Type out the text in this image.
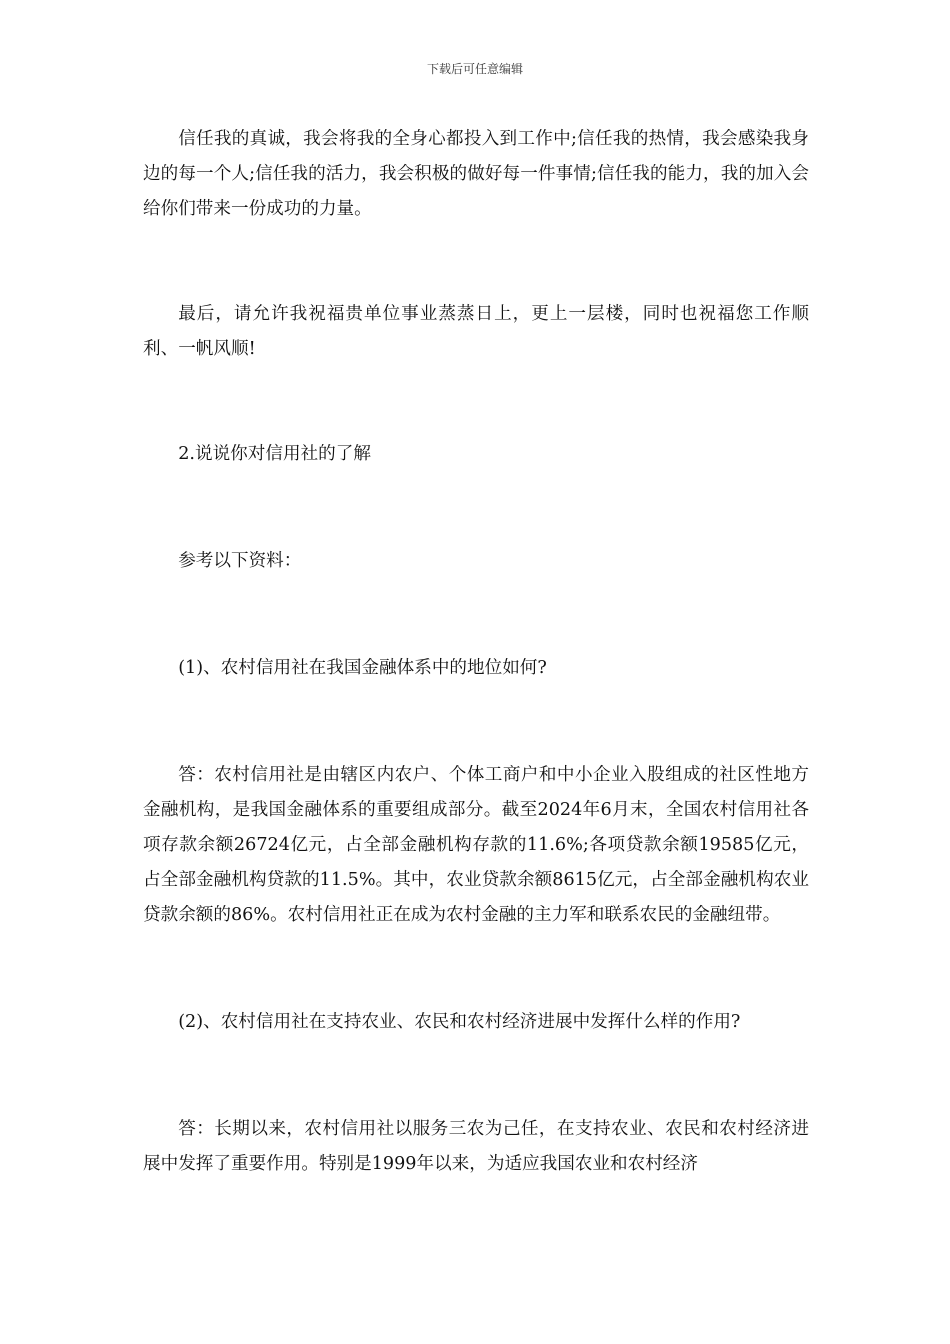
下载后可任意编辑

信任我的真诚，我会将我的全身心都投入到工作中;信任我的热情，我会感染我身边的每一个人;信任我的活力，我会积极的做好每一件事情;信任我的能力，我的加入会给你们带来一份成功的力量。

最后，请允许我祝福贵单位事业蒸蒸日上，更上一层楼，同时也祝福您工作顺利、一帆风顺!

2.说说你对信用社的了解

参考以下资料：

(1)、农村信用社在我国金融体系中的地位如何?

答：农村信用社是由辖区内农户、个体工商户和中小企业入股组成的社区性地方金融机构，是我国金融体系的重要组成部分。截至2024年6月末，全国农村信用社各项存款余额26724亿元，占全部金融机构存款的11.6%;各项贷款余额19585亿元，占全部金融机构贷款的11.5%。其中，农业贷款余额8615亿元，占全部金融机构农业贷款余额的86%。农村信用社正在成为农村金融的主力军和联系农民的金融纽带。

(2)、农村信用社在支持农业、农民和农村经济进展中发挥什么样的作用?

答：长期以来，农村信用社以服务三农为己任，在支持农业、农民和农村经济进展中发挥了重要作用。特别是1999年以来，为适应我国农业和农村经济
